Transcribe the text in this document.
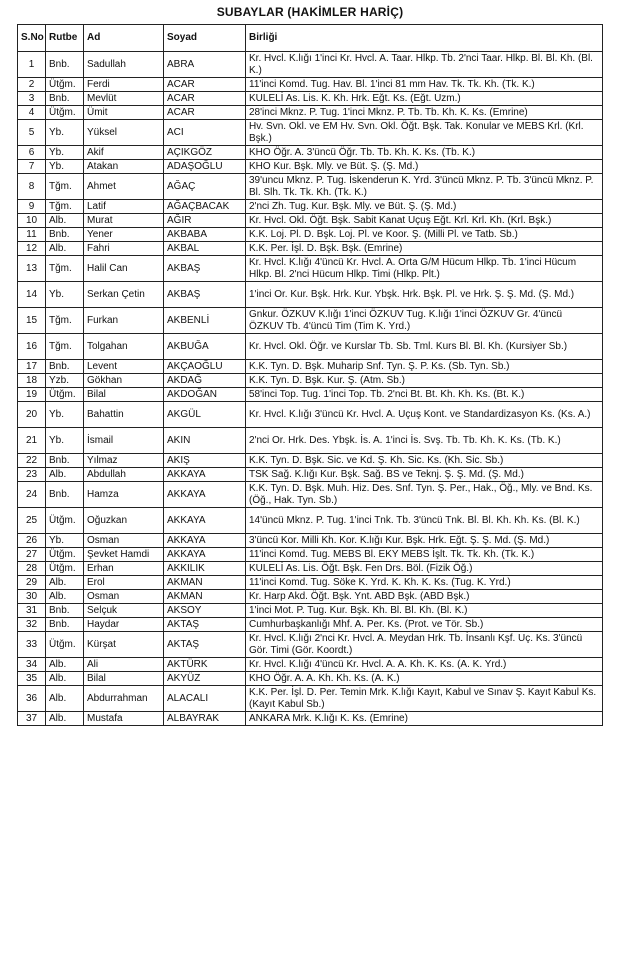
SUBAYLAR (HAKİMLER HARİÇ)
S.No	Rutbe	Ad	Soyad	Birliği
1	Bnb.	Sadullah	ABRA	Kr. Hvcl. K.lığı 1'inci Kr. Hvcl. A. Taar. Hlkp. Tb. 2'nci Taar. Hlkp. Bl. Bl. Kh. (Bl. K.)
2	Ütğm.	Ferdi	ACAR	11'inci Komd. Tug. Hav. Bl. 1'inci 81 mm Hav. Tk. Tk. Kh. (Tk. K.)
3	Bnb.	Mevlüt	ACAR	KULELİ As. Lis. K. Kh. Hrk. Eğt. Ks. (Eğt. Uzm.)
4	Ütğm.	Ümit	ACAR	28'inci Mknz. P. Tug. 1'inci Mknz. P. Tb. Tb. Kh. K. Ks. (Emrine)
5	Yb.	Yüksel	ACI	Hv. Svn. Okl. ve EM Hv. Svn. Okl. Öğt. Bşk. Tak. Konular ve MEBS Krl. (Krl. Bşk.)
6	Yb.	Akif	AÇIKGÖZ	KHO Öğr. A. 3'üncü Öğr. Tb. Tb. Kh. K. Ks. (Tb. K.)
7	Yb.	Atakan	ADAŞOĞLU	KHO Kur. Bşk. Mly. ve Büt. Ş. (Ş. Md.)
8	Tğm.	Ahmet	AĞAÇ	39'uncu Mknz. P. Tug. İskenderun K. Yrd. 3'üncü Mknz. P. Tb. 3'üncü Mknz. P. Bl. Slh. Tk. Tk. Kh. (Tk. K.)
9	Tğm.	Latif	AĞAÇBACAK	2'nci Zh. Tug. Kur. Bşk. Mly. ve Büt. Ş. (Ş. Md.)
10	Alb.	Murat	AĞIR	Kr. Hvcl. Okl. Öğt. Bşk. Sabit Kanat Uçuş Eğt. Krl. Krl. Kh. (Krl. Bşk.)
11	Bnb.	Yener	AKBABA	K.K. Loj. Pl. D. Bşk. Loj. Pl. ve Koor. Ş. (Milli Pl. ve Tatb. Sb.)
12	Alb.	Fahri	AKBAL	K.K. Per. İşl. D. Bşk. Bşk. (Emrine)
13	Tğm.	Halil Can	AKBAŞ	Kr. Hvcl. K.lığı 4'üncü Kr. Hvcl. A. Orta G/M Hücum Hlkp. Tb. 1'inci Hücum Hlkp. Bl. 2'nci Hücum Hlkp. Timi (Hlkp. Plt.)
14	Yb.	Serkan Çetin	AKBAŞ	1'inci Or. Kur. Bşk. Hrk. Kur. Ybşk. Hrk. Bşk. Pl. ve Hrk. Ş. Ş. Md. (Ş. Md.)
15	Tğm.	Furkan	AKBENLİ	Gnkur. ÖZKUV K.lığı 1'inci ÖZKUV Tug. K.lığı 1'inci ÖZKUV Gr. 4'üncü ÖZKUV Tb. 4'üncü Tim (Tim K. Yrd.)
16	Tğm.	Tolgahan	AKBUĞA	Kr. Hvcl. Okl. Öğr. ve Kurslar Tb. Sb. Tml. Kurs Bl. Bl. Kh. (Kursiyer Sb.)
17	Bnb.	Levent	AKÇAOĞLU	K.K. Tyn. D. Bşk. Muharip Snf. Tyn. Ş. P. Ks. (Sb. Tyn. Sb.)
18	Yzb.	Gökhan	AKDAĞ	K.K. Tyn. D. Bşk. Kur. Ş. (Atm. Sb.)
19	Ütğm.	Bilal	AKDOĞAN	58'inci Top. Tug. 1'inci Top. Tb. 2'nci Bt. Bt. Kh. Kh. Ks. (Bt. K.)
20	Yb.	Bahattin	AKGÜL	Kr. Hvcl. K.lığı 3'üncü Kr. Hvcl. A. Uçuş Kont. ve Standardizasyon Ks. (Ks. A.)
21	Yb.	İsmail	AKIN	2'nci Or. Hrk. Des. Ybşk. İs. A. 1'inci İs. Svş. Tb. Tb. Kh. K. Ks. (Tb. K.)
22	Bnb.	Yılmaz	AKIŞ	K.K. Tyn. D. Bşk. Sic. ve Kd. Ş. Kh. Sic. Ks. (Kh. Sic. Sb.)
23	Alb.	Abdullah	AKKAYA	TSK Sağ. K.lığı Kur. Bşk. Sağ. BS ve Teknj. Ş. Ş. Md. (Ş. Md.)
24	Bnb.	Hamza	AKKAYA	K.K. Tyn. D. Bşk. Muh. Hiz. Des. Snf. Tyn. Ş. Per., Hak., Öğ., Mly. ve Bnd. Ks. (Öğ., Hak. Tyn. Sb.)
25	Ütğm.	Oğuzkan	AKKAYA	14'üncü Mknz. P. Tug. 1'inci Tnk. Tb. 3'üncü Tnk. Bl. Bl. Kh. Kh. Ks. (Bl. K.)
26	Yb.	Osman	AKKAYA	3'üncü Kor. Milli Kh. Kor. K.lığı Kur. Bşk. Hrk. Eğt. Ş. Ş. Md. (Ş. Md.)
27	Ütğm.	Şevket Hamdi	AKKAYA	11'inci Komd. Tug. MEBS Bl. EKY MEBS İşlt. Tk. Tk. Kh. (Tk. K.)
28	Ütğm.	Erhan	AKKILIK	KULELİ As. Lis. Öğt. Bşk. Fen Drs. Böl. (Fizik Öğ.)
29	Alb.	Erol	AKMAN	11'inci Komd. Tug. Söke K. Yrd. K. Kh. K. Ks. (Tug. K. Yrd.)
30	Alb.	Osman	AKMAN	Kr. Harp Akd. Öğt. Bşk. Ynt. ABD Bşk. (ABD Bşk.)
31	Bnb.	Selçuk	AKSOY	1'inci Mot. P. Tug. Kur. Bşk. Kh. Bl. Bl. Kh. (Bl. K.)
32	Bnb.	Haydar	AKTAŞ	Cumhurbaşkanlığı Mhf. A. Per. Ks. (Prot. ve Tör. Sb.)
33	Ütğm.	Kürşat	AKTAŞ	Kr. Hvcl. K.lığı 2'nci Kr. Hvcl. A. Meydan Hrk. Tb. İnsanlı Kşf. Uç. Ks. 3'üncü Gör. Timi (Gör. Koordt.)
34	Alb.	Ali	AKTÜRK	Kr. Hvcl. K.lığı 4'üncü Kr. Hvcl. A. A. Kh. K. Ks. (A. K. Yrd.)
35	Alb.	Bilal	AKYÜZ	KHO Öğr. A. A. Kh. Kh. Ks. (A. K.)
36	Alb.	Abdurrahman	ALACALI	K.K. Per. İşl. D. Per. Temin Mrk. K.lığı Kayıt, Kabul ve Sınav Ş. Kayıt Kabul Ks. (Kayıt Kabul Sb.)
37	Alb.	Mustafa	ALBAYRAK	ANKARA Mrk. K.lığı K. Ks. (Emrine)
